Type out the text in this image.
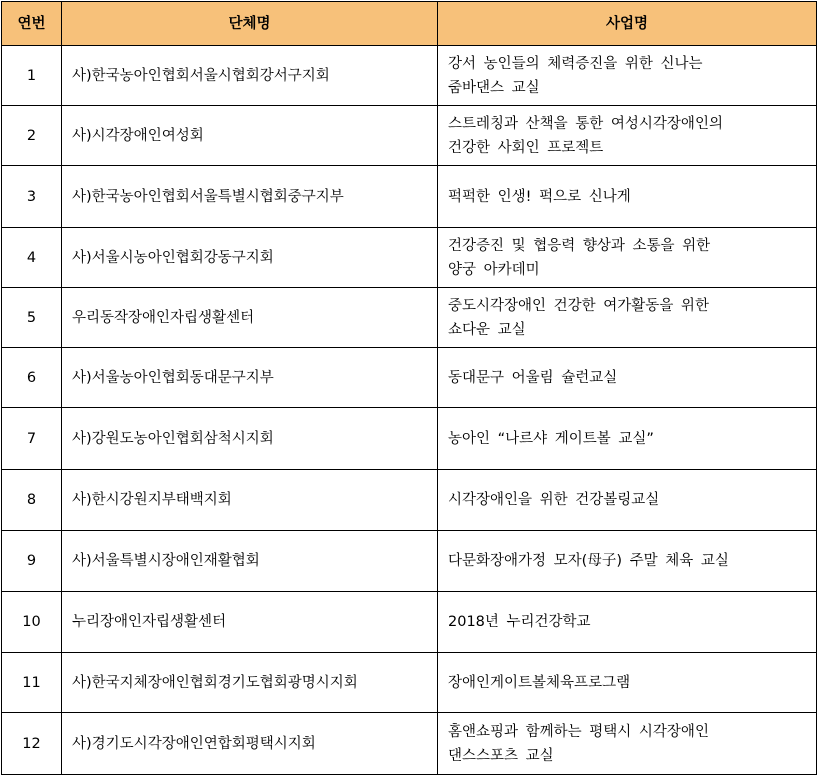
연번	단체명	사업명
1	사)한국농아인협회서울시협회강서구지회	강서 농인들의 체력증진을 위한 신나는
줌바댄스 교실

2	사)시각장애인여성회	스트레칭과 산책을 통한 여성시각장애인의
건강한 사회인 프로젝트

3	사)한국농아인협회서울특별시협회중구지부	퍽퍽한 인생! 퍽으로 신나게

4	사)서울시농아인협회강동구지회	건강증진 및 협응력 향상과 소통을 위한
양궁 아카데미

5	우리동작장애인자립생활센터	중도시각장애인 건강한 여가활동을 위한
쇼다운 교실

6	사)서울농아인협회동대문구지부	동대문구 어울림 슐런교실

7	사)강원도농아인협회삼척시지회	농아인 “나르샤 게이트볼 교실”

8	사)한시강원지부태백지회	시각장애인을 위한 건강볼링교실

9	사)서울특별시장애인재활협회	다문화장애가정 모자(母子) 주말 체육 교실

10	누리장애인자립생활센터	2018년 누리건강학교

11	사)한국지체장애인협회경기도협회광명시지회	장애인게이트볼체육프로그램

12	사)경기도시각장애인연합회평택시지회	홈앤쇼핑과 함께하는 평택시 시각장애인
댄스스포츠 교실
